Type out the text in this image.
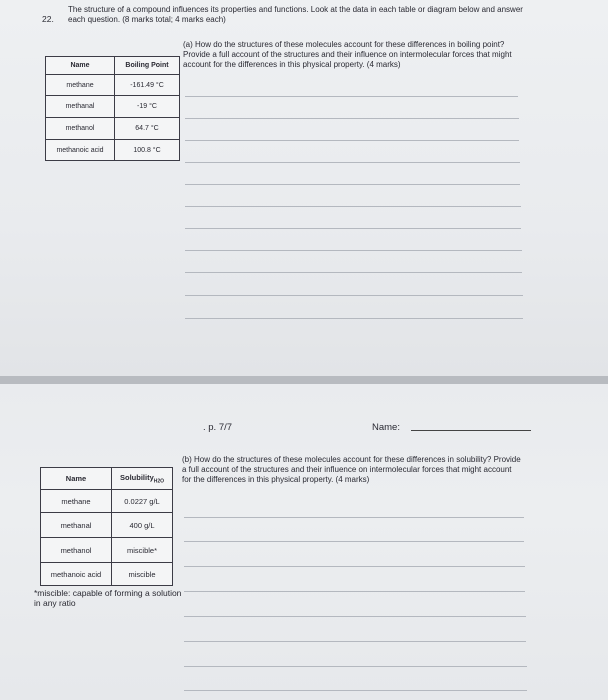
22.
The structure of a compound influences its properties and functions. Look at the data in each table or diagram below and answer each question. (8 marks total; 4 marks each)
(a) How do the structures of these molecules account for these differences in boiling point? Provide a full account of the structures and their influence on intermolecular forces that might account for the differences in this physical property. (4 marks)
Name	Boiling Point
methane	-161.49 °C
methanal	-19 °C
methanol	64.7 °C
methanoic acid	100.8 °C
. p. 7/7	Name:
(b) How do the structures of these molecules account for these differences in solubility? Provide a full account of the structures and their influence on intermolecular forces that might account for the differences in this physical property. (4 marks)
Name	Solubility$_{H2O}$
methane	0.0227 g/L
methanal	400 g/L
methanol	miscible*
methanoic acid	miscible
*miscible: capable of forming a solution in any ratio
